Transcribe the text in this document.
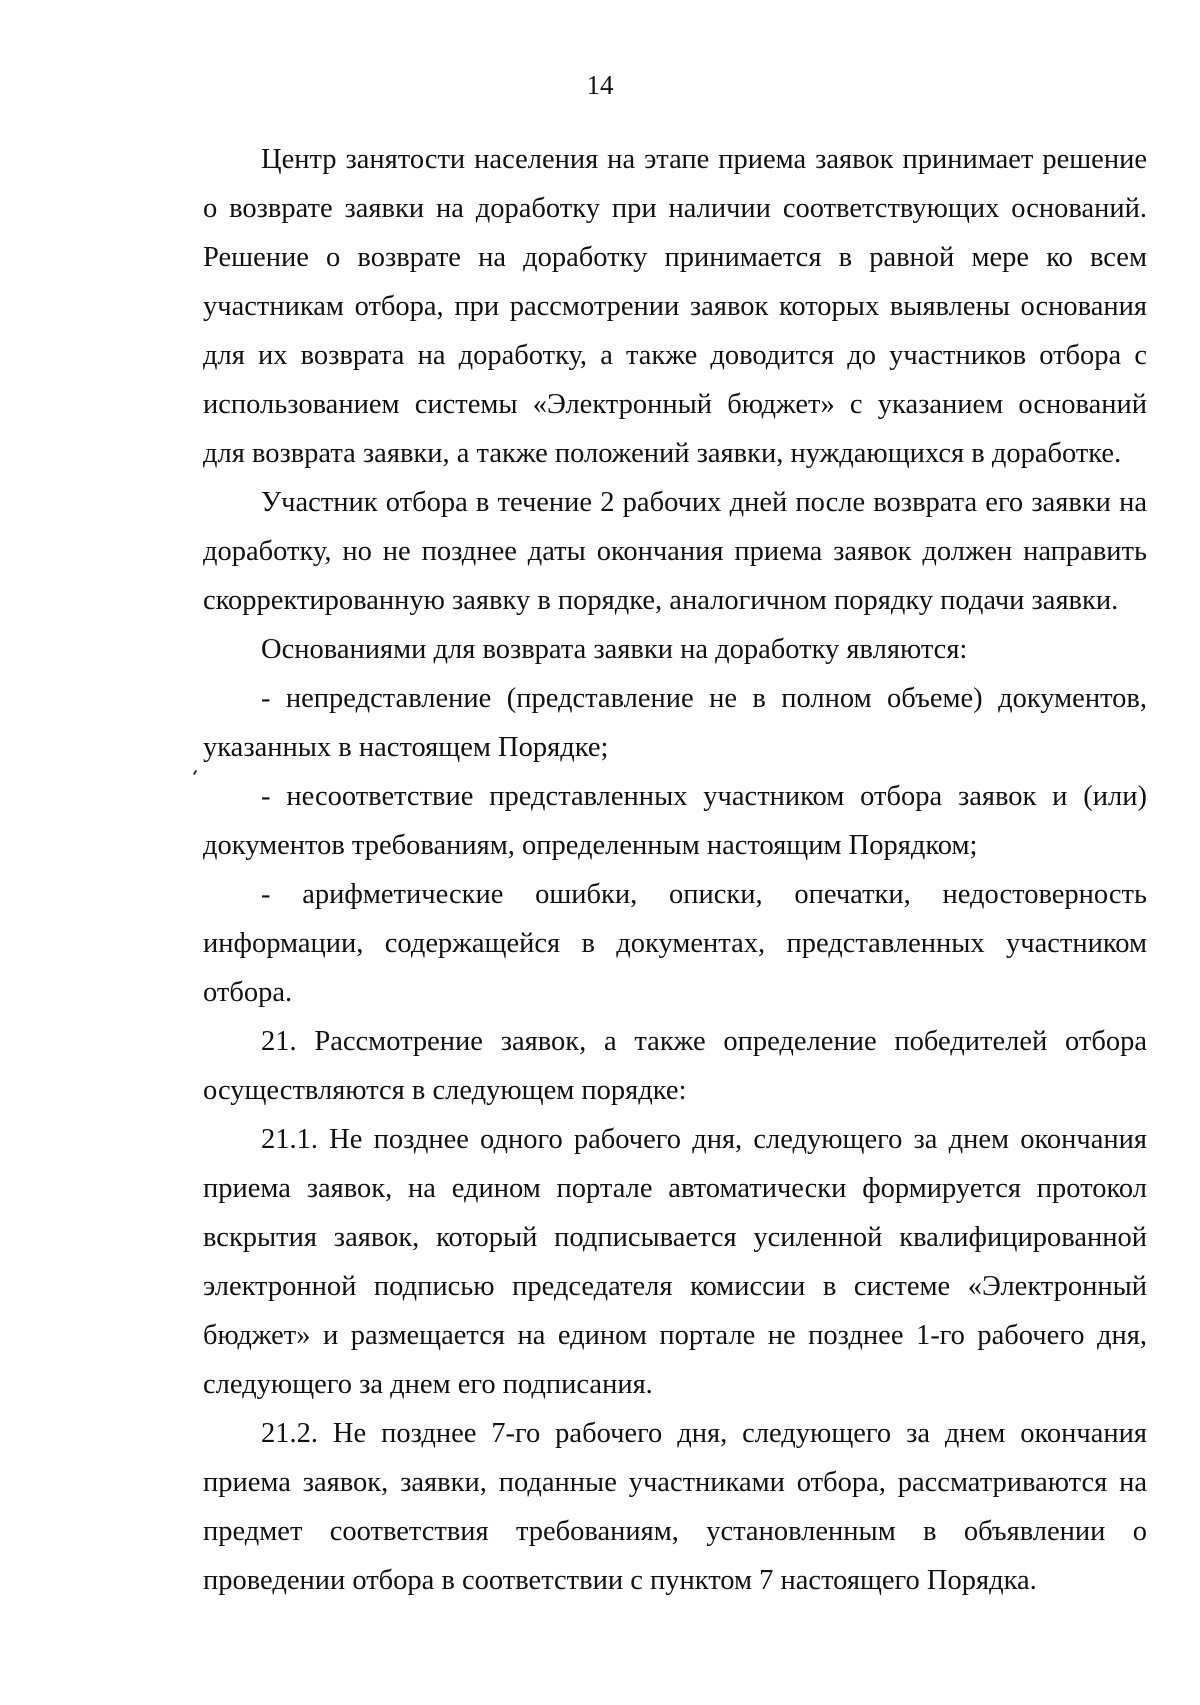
14

Центр занятости населения на этапе приема заявок принимает решение о возврате заявки на доработку при наличии соответствующих оснований. Решение о возврате на доработку принимается в равной мере ко всем участникам отбора, при рассмотрении заявок которых выявлены основания для их возврата на доработку, а также доводится до участников отбора с использованием системы «Электронный бюджет» с указанием оснований для возврата заявки, а также положений заявки, нуждающихся в доработке.

Участник отбора в течение 2 рабочих дней после возврата его заявки на доработку, но не позднее даты окончания приема заявок должен направить скорректированную заявку в порядке, аналогичном порядку подачи заявки.

Основаниями для возврата заявки на доработку являются:

- непредставление (представление не в полном объеме) документов, указанных в настоящем Порядке;

- несоответствие представленных участником отбора заявок и (или) документов требованиям, определенным настоящим Порядком;

- арифметические ошибки, описки, опечатки, недостоверность информации, содержащейся в документах, представленных участником отбора.

21. Рассмотрение заявок, а также определение победителей отбора осуществляются в следующем порядке:

21.1. Не позднее одного рабочего дня, следующего за днем окончания приема заявок, на едином портале автоматически формируется протокол вскрытия заявок, который подписывается усиленной квалифицированной электронной подписью председателя комиссии в системе «Электронный бюджет» и размещается на едином портале не позднее 1-го рабочего дня, следующего за днем его подписания.

21.2. Не позднее 7-го рабочего дня, следующего за днем окончания приема заявок, заявки, поданные участниками отбора, рассматриваются на предмет соответствия требованиям, установленным в объявлении о проведении отбора в соответствии с пунктом 7 настоящего Порядка.
